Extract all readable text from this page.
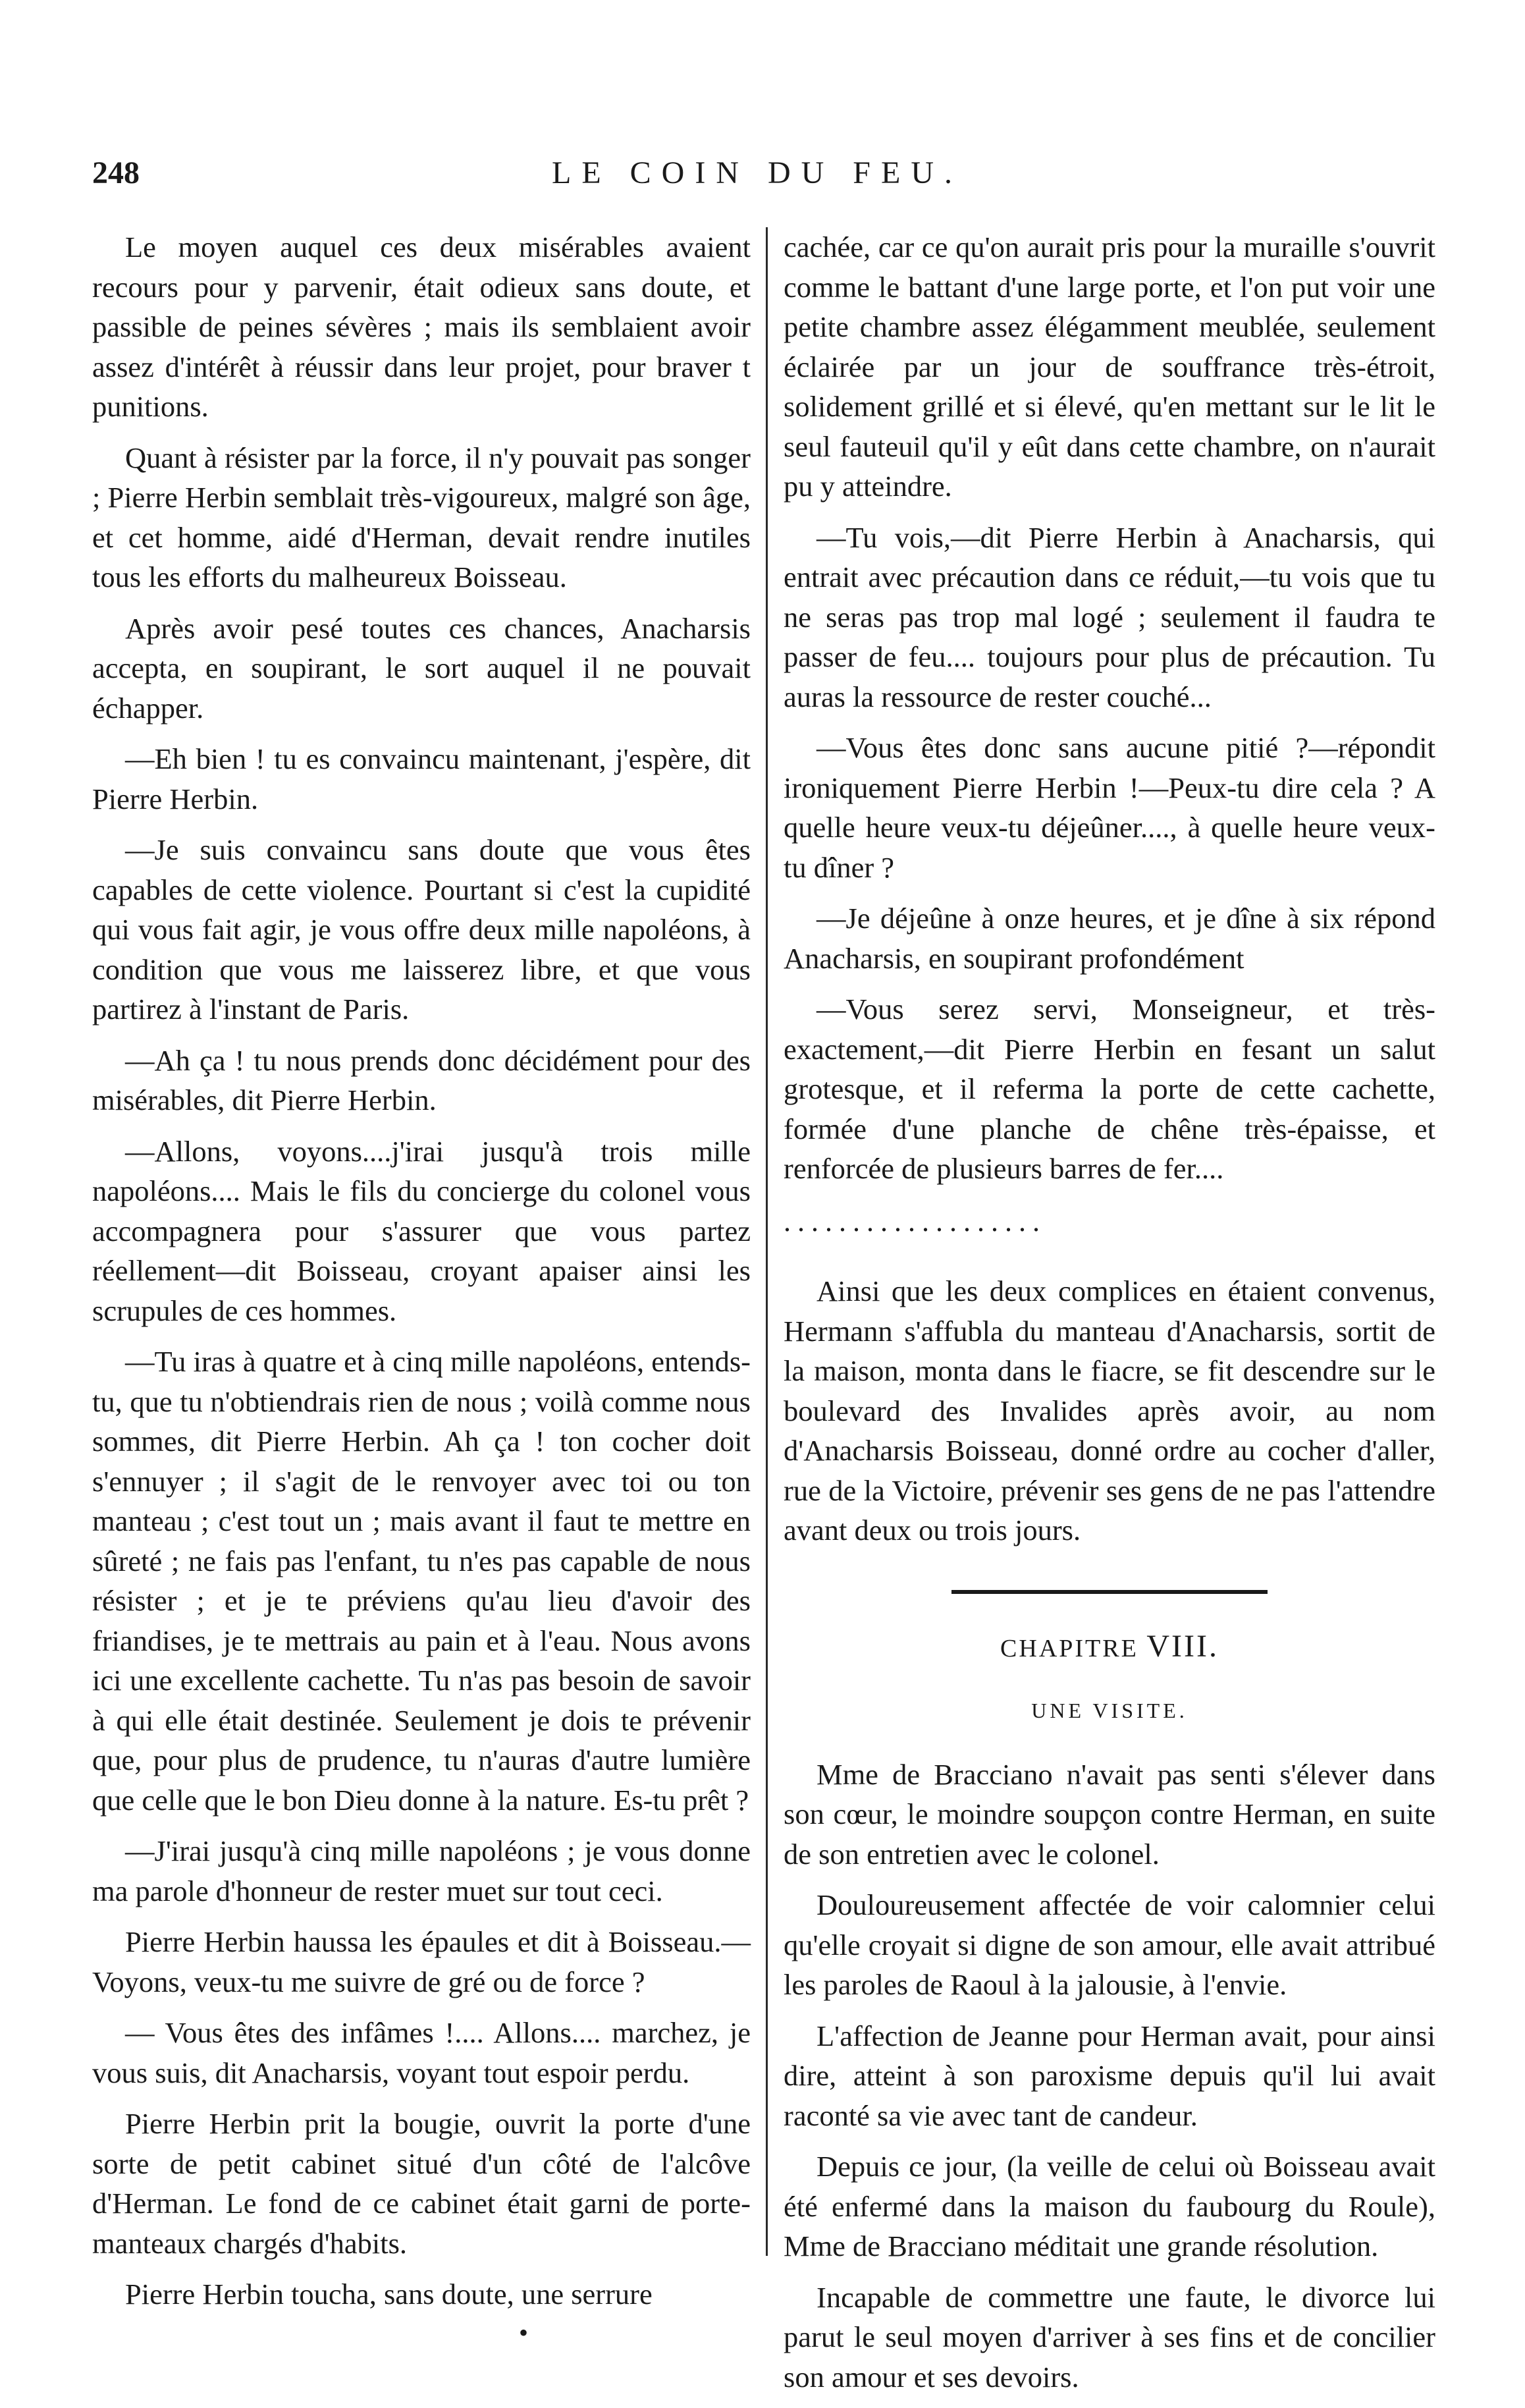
248	LE COIN DU FEU.

Le moyen auquel ces deux misérables avaient recours pour y parvenir, était odieux sans doute, et passible de peines sévères ; mais ils semblaient avoir assez d'intérêt à réussir dans leur projet, pour braver t punitions.

Quant à résister par la force, il n'y pouvait pas songer ; Pierre Herbin semblait très-vigoureux, malgré son âge, et cet homme, aidé d'Herman, devait rendre inutiles tous les efforts du malheureux Boisseau.

Après avoir pesé toutes ces chances, Anacharsis accepta, en soupirant, le sort auquel il ne pouvait échapper.

—Eh bien ! tu es convaincu maintenant, j'espère, dit Pierre Herbin.

—Je suis convaincu sans doute que vous êtes capables de cette violence. Pourtant si c'est la cupidité qui vous fait agir, je vous offre deux mille napoléons, à condition que vous me laisserez libre, et que vous partirez à l'instant de Paris.

—Ah ça ! tu nous prends donc décidément pour des misérables, dit Pierre Herbin.

—Allons, voyons....j'irai jusqu'à trois mille napoléons.... Mais le fils du concierge du colonel vous accompagnera pour s'assurer que vous partez réellement—dit Boisseau, croyant apaiser ainsi les scrupules de ces hommes.

—Tu iras à quatre et à cinq mille napoléons, entends-tu, que tu n'obtiendrais rien de nous ; voilà comme nous sommes, dit Pierre Herbin. Ah ça ! ton cocher doit s'ennuyer ; il s'agit de le renvoyer avec toi ou ton manteau ; c'est tout un ; mais avant il faut te mettre en sûreté ; ne fais pas l'enfant, tu n'es pas capable de nous résister ; et je te préviens qu'au lieu d'avoir des friandises, je te mettrais au pain et à l'eau. Nous avons ici une excellente cachette. Tu n'as pas besoin de savoir à qui elle était destinée. Seulement je dois te prévenir que, pour plus de prudence, tu n'auras d'autre lumière que celle que le bon Dieu donne à la nature. Es-tu prêt ?

—J'irai jusqu'à cinq mille napoléons ; je vous donne ma parole d'honneur de rester muet sur tout ceci.

Pierre Herbin haussa les épaules et dit à Boisseau.—Voyons, veux-tu me suivre de gré ou de force ?

— Vous êtes des infâmes !.... Allons.... marchez, je vous suis, dit Anacharsis, voyant tout espoir perdu.

Pierre Herbin prit la bougie, ouvrit la porte d'une sorte de petit cabinet situé d'un côté de l'alcôve d'Herman. Le fond de ce cabinet était garni de porte-manteaux chargés d'habits.

Pierre Herbin toucha, sans doute, une serrure

cachée, car ce qu'on aurait pris pour la muraille s'ouvrit comme le battant d'une large porte, et l'on put voir une petite chambre assez élégamment meublée, seulement éclairée par un jour de souffrance très-étroit, solidement grillé et si élevé, qu'en mettant sur le lit le seul fauteuil qu'il y eût dans cette chambre, on n'aurait pu y atteindre.

—Tu vois,—dit Pierre Herbin à Anacharsis, qui entrait avec précaution dans ce réduit,—tu vois que tu ne seras pas trop mal logé ; seulement il faudra te passer de feu.... toujours pour plus de précaution. Tu auras la ressource de rester couché...

—Vous êtes donc sans aucune pitié ?—répondit ironiquement Pierre Herbin !—Peux-tu dire cela ? A quelle heure veux-tu déjeûner...., à quelle heure veux-tu dîner ?

—Je déjeûne à onze heures, et je dîne à six répond Anacharsis, en soupirant profondément

—Vous serez servi, Monseigneur, et très-exactement,—dit Pierre Herbin en fesant un salut grotesque, et il referma la porte de cette cachette, formée d'une planche de chêne très-épaisse, et renforcée de plusieurs barres de fer....

...................

Ainsi que les deux complices en étaient convenus, Hermann s'affubla du manteau d'Anacharsis, sortit de la maison, monta dans le fiacre, se fit descendre sur le boulevard des Invalides après avoir, au nom d'Anacharsis Boisseau, donné ordre au cocher d'aller, rue de la Victoire, prévenir ses gens de ne pas l'attendre avant deux ou trois jours.

CHAPITRE VIII.
UNE VISITE.

Mme de Bracciano n'avait pas senti s'élever dans son cœur, le moindre soupçon contre Herman, en suite de son entretien avec le colonel.

Douloureusement affectée de voir calomnier celui qu'elle croyait si digne de son amour, elle avait attribué les paroles de Raoul à la jalousie, à l'envie.

L'affection de Jeanne pour Herman avait, pour ainsi dire, atteint à son paroxisme depuis qu'il lui avait raconté sa vie avec tant de candeur.

Depuis ce jour, (la veille de celui où Boisseau avait été enfermé dans la maison du faubourg du Roule), Mme de Bracciano méditait une grande résolution.

Incapable de commettre une faute, le divorce lui parut le seul moyen d'arriver à ses fins et de concilier son amour et ses devoirs.

•
